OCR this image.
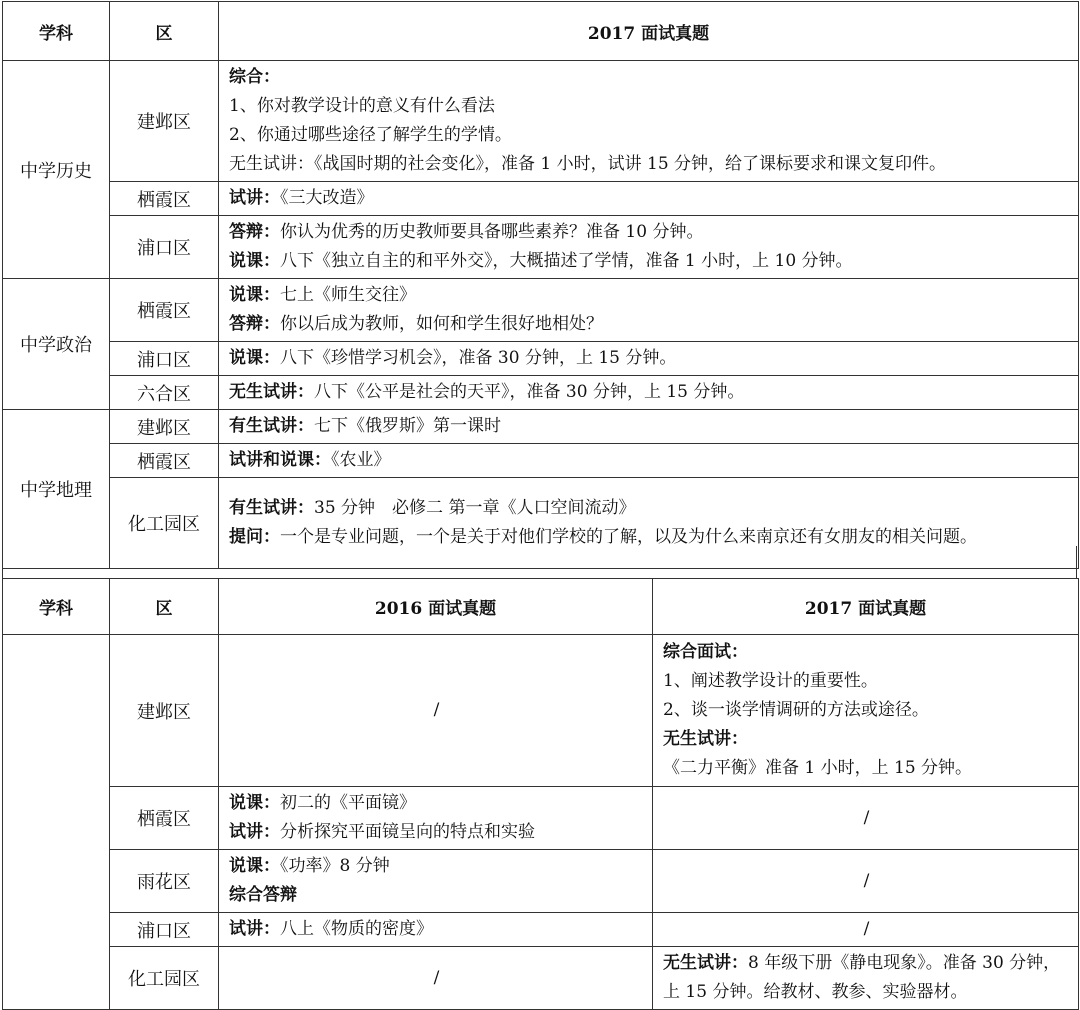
学科	区	2017 面试真题
中学历史	建邺区	综合：
1、你对教学设计的意义有什么看法
2、你通过哪些途径了解学生的学情。
无生试讲：《战国时期的社会变化》，准备 1 小时，试讲 15 分钟，给了课标要求和课文复印件。

	栖霞区	试讲：《三大改造》

	浦口区	答辩：你认为优秀的历史教师要具备哪些素养？准备 10 分钟。
说课：八下《独立自主的和平外交》，大概描述了学情，准备 1 小时，上 10 分钟。

中学政治	栖霞区	说课：七上《师生交往》
答辩：你以后成为教师，如何和学生很好地相处？

	浦口区	说课：八下《珍惜学习机会》，准备 30 分钟，上 15 分钟。

	六合区	无生试讲：八下《公平是社会的天平》，准备 30 分钟，上 15 分钟。

中学地理	建邺区	有生试讲：七下《俄罗斯》第一课时

	栖霞区	试讲和说课：《农业》

	化工园区	有生试讲：35 分钟　必修二 第一章《人口空间流动》
提问：一个是专业问题，一个是关于对他们学校的了解，以及为什么来南京还有女朋友的相关问题。
学科	区	2016 面试真题	2017 面试真题
	建邺区	/	综合面试：
1、阐述教学设计的重要性。
2、谈一谈学情调研的方法或途径。
无生试讲：
《二力平衡》准备 1 小时，上 15 分钟。

	栖霞区	说课：初二的《平面镜》
试讲：分析探究平面镜呈向的特点和实验	/
	雨花区	说课：《功率》8 分钟
综合答辩	/
	浦口区	试讲：八上《物质的密度》	/
	化工园区	/	无生试讲：8 年级下册《静电现象》。准备 30 分钟，上 15 分钟。给教材、教参、实验器材。
